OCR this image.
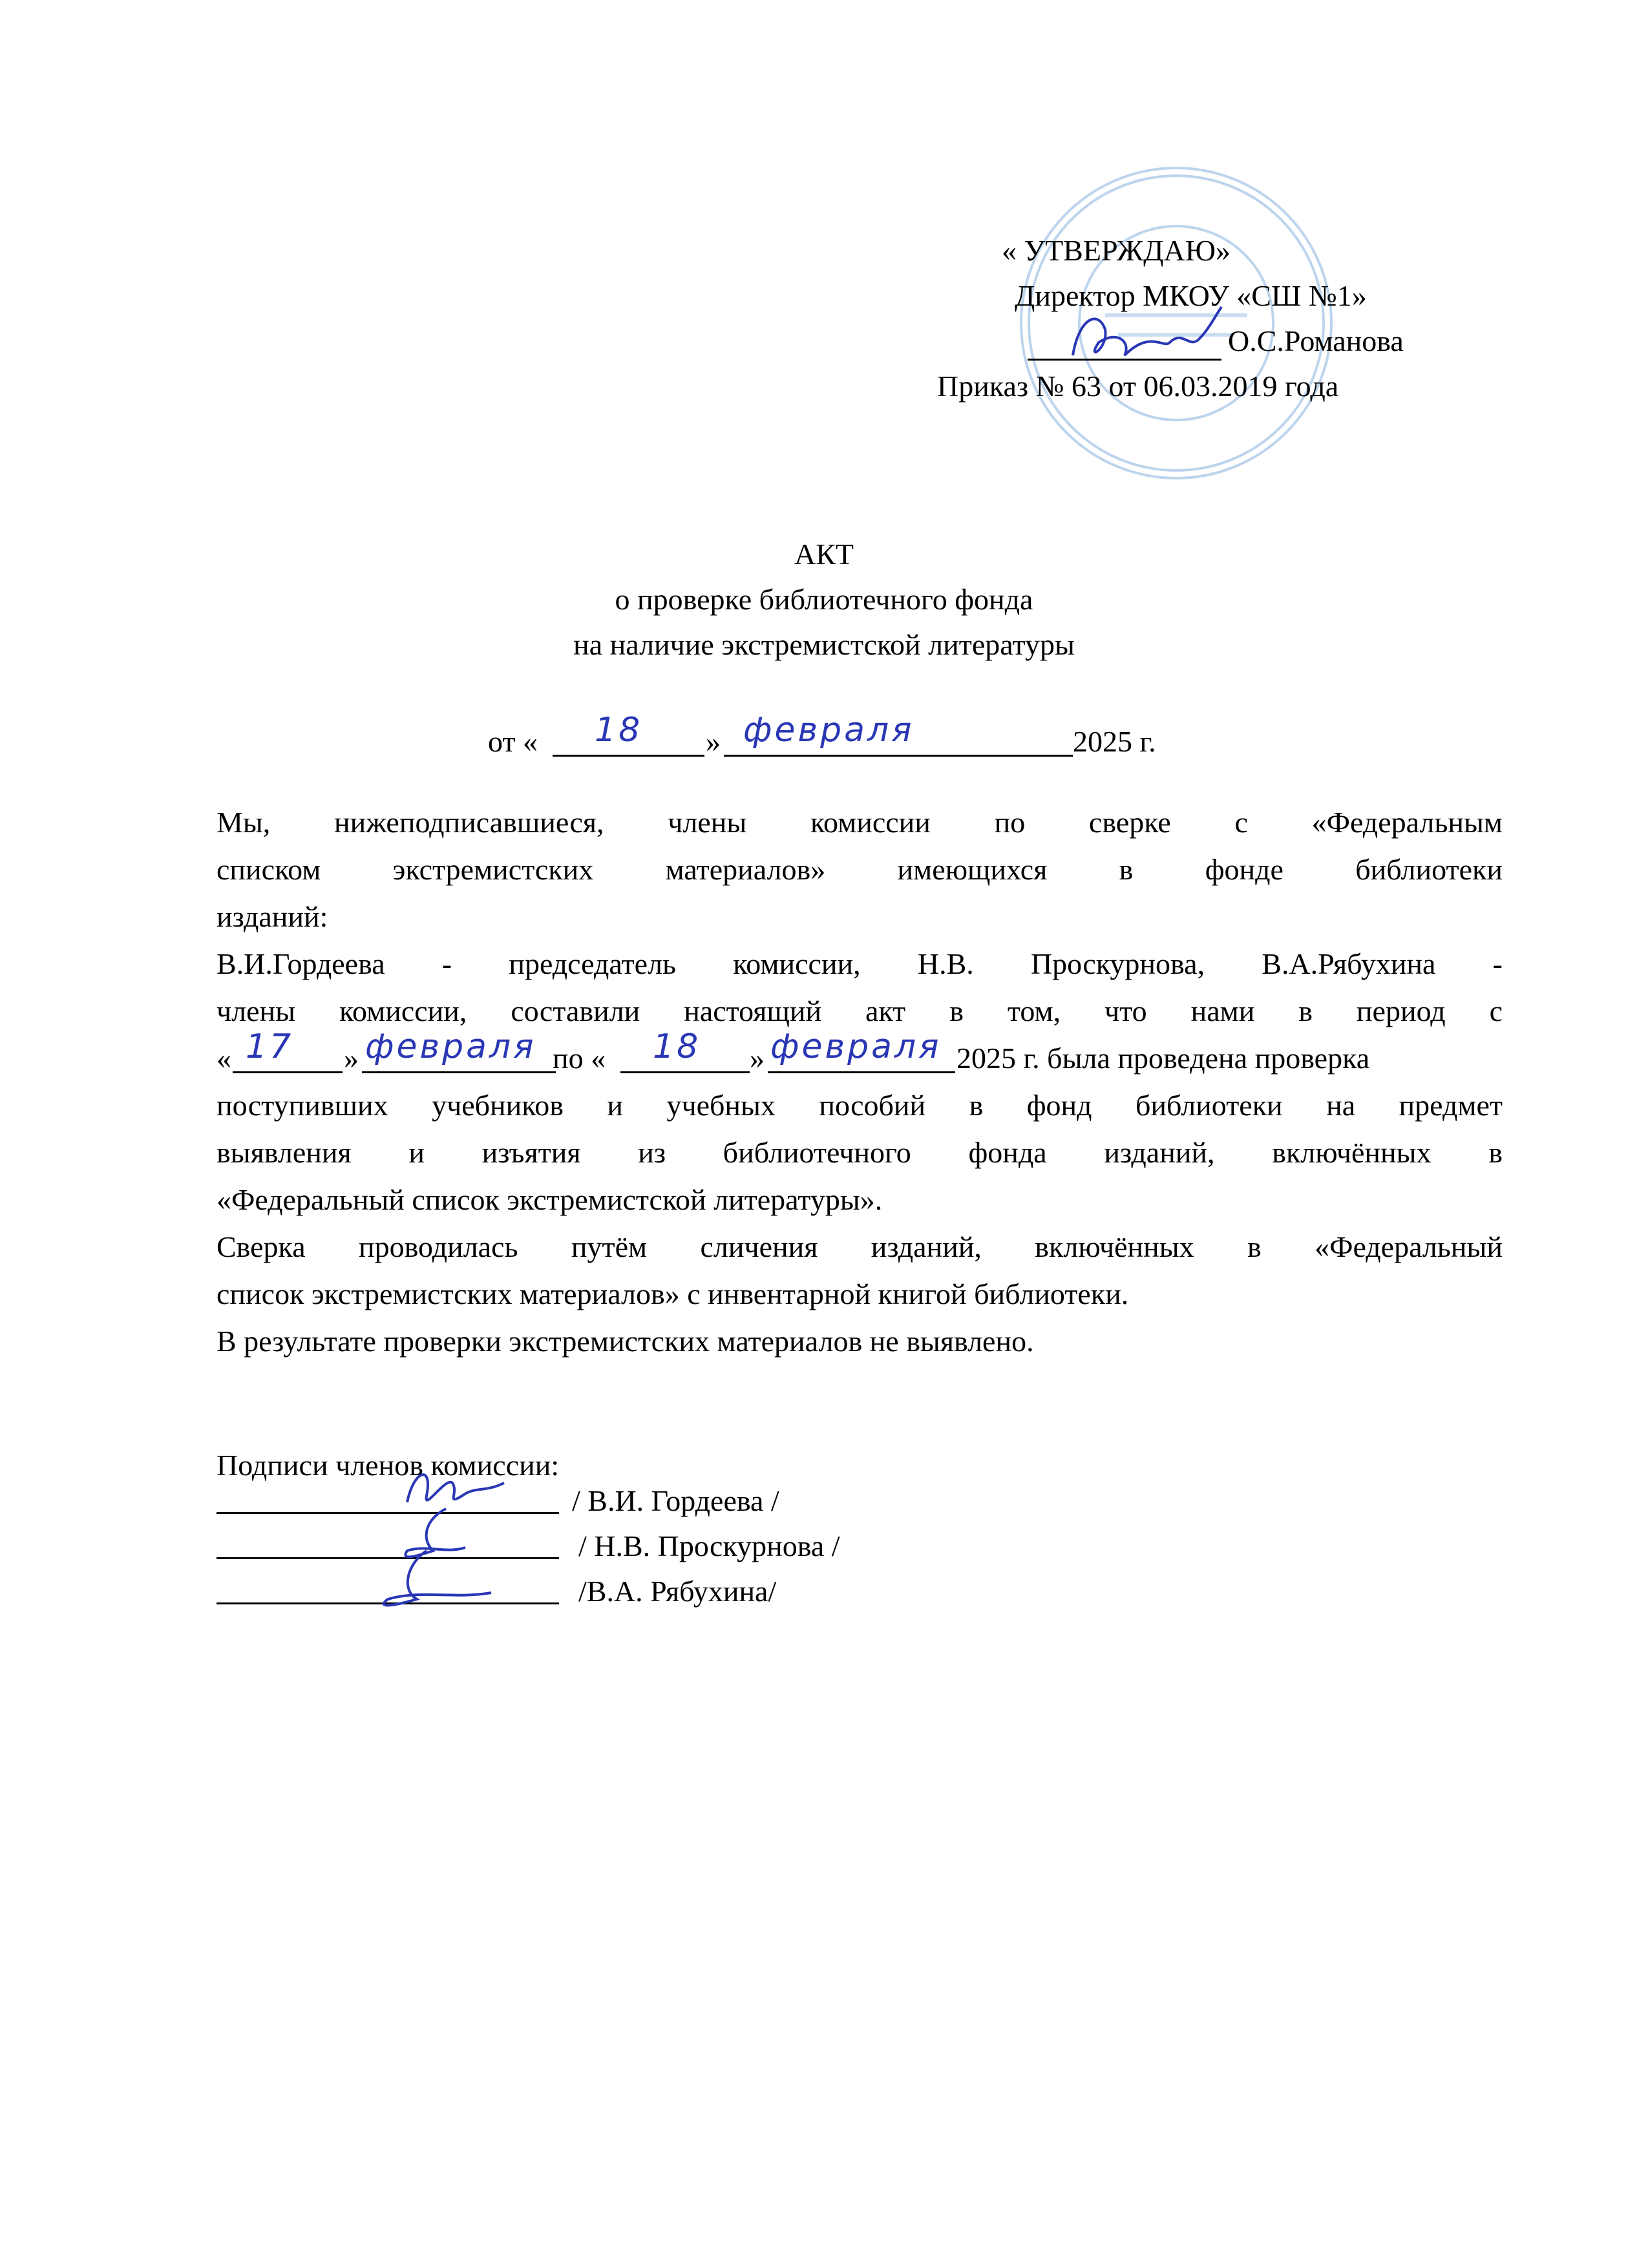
« УТВЕРЖДАЮ»
Директор МКОУ «СШ №1»
О.С.Романова
Приказ № 63 от 06.03.2019 года
АКТ
о проверке библиотечного фонда
на наличие экстремистской литературы
от « 18 » февраля	2025 г.
Мы, нижеподписавшиеся, члены комиссии по сверке с «Федеральным
списком экстремистских материалов» имеющихся в фонде библиотеки
изданий:
В.И.Гордеева - председатель комиссии, Н.В. Проскурнова, В.А.Рябухина -
члены комиссии, составили настоящий акт в том, что нами в период с
« 17 » февраля по « 18 » февраля 2025 г. была проведена проверка
поступивших учебников и учебных пособий в фонд библиотеки на предмет
выявления и изъятия из библиотечного фонда изданий, включённых в
«Федеральный список экстремистской литературы».
Сверка проводилась путём сличения изданий, включённых в «Федеральный
список экстремистских материалов» с инвентарной книгой библиотеки.
В результате проверки экстремистских материалов не выявлено.
Подписи членов комиссии:
/ В.И. Гордеева /
/ Н.В. Проскурнова /
/В.А. Рябухина/
